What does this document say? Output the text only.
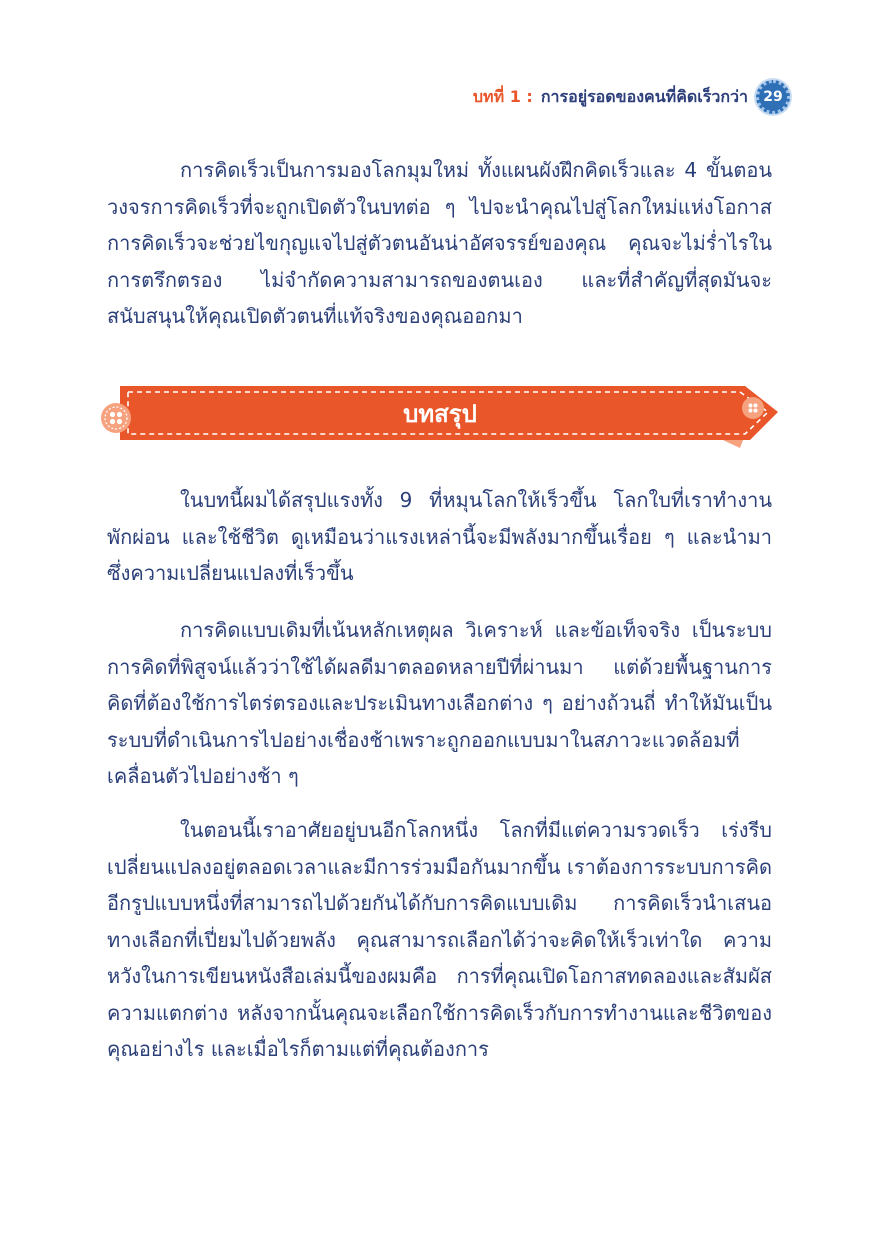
บทที่ 1 : การอยู่รอดของคนที่คิดเร็วกว่า 29

การคิดเร็วเป็นการมองโลกมุมใหม่ ทั้งแผนผังฝึกคิดเร็วและ 4 ขั้นตอนวงจรการคิดเร็วที่จะถูกเปิดตัวในบทต่อ ๆ ไปจะนำคุณไปสู่โลกใหม่แห่งโอกาส การคิดเร็วจะช่วยไขกุญแจไปสู่ตัวตนอันน่าอัศจรรย์ของคุณ คุณจะไม่ร่ำไรในการตรึกตรอง ไม่จำกัดความสามารถของตนเอง และที่สำคัญที่สุดมันจะสนับสนุนให้คุณเปิดตัวตนที่แท้จริงของคุณออกมา

บทสรุป

ในบทนี้ผมได้สรุปแรงทั้ง 9 ที่หมุนโลกให้เร็วขึ้น โลกใบที่เราทำงาน พักผ่อน และใช้ชีวิต ดูเหมือนว่าแรงเหล่านี้จะมีพลังมากขึ้นเรื่อย ๆ และนำมาซึ่งความเปลี่ยนแปลงที่เร็วขึ้น

การคิดแบบเดิมที่เน้นหลักเหตุผล วิเคราะห์ และข้อเท็จจริง เป็นระบบการคิดที่พิสูจน์แล้วว่าใช้ได้ผลดีมาตลอดหลายปีที่ผ่านมา แต่ด้วยพื้นฐานการคิดที่ต้องใช้การไตร่ตรองและประเมินทางเลือกต่าง ๆ อย่างถ้วนถี่ ทำให้มันเป็นระบบที่ดำเนินการไปอย่างเชื่องช้าเพราะถูกออกแบบมาในสภาวะแวดล้อมที่เคลื่อนตัวไปอย่างช้า ๆ

ในตอนนี้เราอาศัยอยู่บนอีกโลกหนึ่ง โลกที่มีแต่ความรวดเร็ว เร่งรีบ เปลี่ยนแปลงอยู่ตลอดเวลาและมีการร่วมมือกันมากขึ้น เราต้องการระบบการคิดอีกรูปแบบหนึ่งที่สามารถไปด้วยกันได้กับการคิดแบบเดิม การคิดเร็วนำเสนอทางเลือกที่เปี่ยมไปด้วยพลัง คุณสามารถเลือกได้ว่าจะคิดให้เร็วเท่าใด ความหวังในการเขียนหนังสือเล่มนี้ของผมคือ การที่คุณเปิดโอกาสทดลองและสัมผัสความแตกต่าง หลังจากนั้นคุณจะเลือกใช้การคิดเร็วกับการทำงานและชีวิตของคุณอย่างไร และเมื่อไรก็ตามแต่ที่คุณต้องการ
